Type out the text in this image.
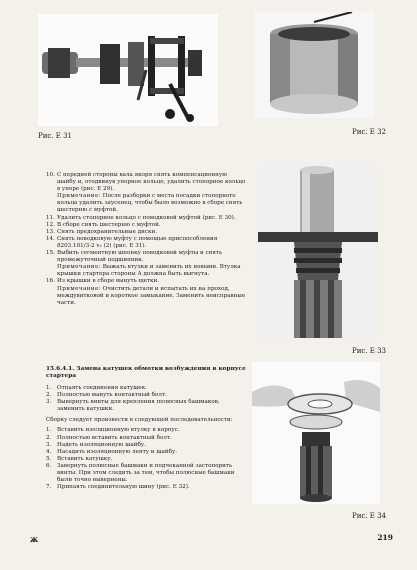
Рис. Е 31	Рис. Е 32
Рис. Е 33
Рис. Е 34
10. С передней стороны вала якоря снять компенсационную шайбу и, отодвинув упорное кольцо, удалить стопорное кольцо в упоре (рис. Е 29).
Примечание: После разборки с места посадки стопорного кольца удалить заусенец, чтобы было возможно в сборе снять шестерню с муфтой.
11. Удалить стопорное кольцо с поводковой муфтой (рис. Е 30).
12. В сборе снять шестерню с муфтой.
13. Снять предохранительные диски.
14. Снять поводковую муфту с помощью приспособления 8203.101/3-2 v₂ (2) (рис. Е 31).
15. Выбить сегментную шпонку поводковой муфты и снять промежуточный подшипник.
Примечание: Выжать втулки и заменить их новыми. Втулка крышки стартера стороны А должна быть выгнута.
16. Из крышки в сборе вынуть щетки.
Примечание: Очистить детали и испытать их на проход, междувитковой и короткое замыкание. Заменить неисправные части.
15.6.4.1. Замена катушек обмотки возбуждения в корпусе стартера
1. Отпаять соединения катушек.
2. Полностью вынуть контактный болт.
3. Вывернуть винты для крепления полюсных башмаков, заменить катушки.

Сборку следует произвести в следующей последовательности:

1. Вставить изоляционную втулку в корпус.
2. Полностью вставить контактный болт.
3. Надеть изоляционную шайбу.
4. Насадить изоляционную ленту и шайбу.
5. Вставить катушку.
6. Завернуть полюсные башмаки и подчеканной застопорить винты. При этом следить за тем, чтобы полюсные башмаки были точно вывернены.
7. Припаять соединительную шину (рис. Е 32).
ж	219
